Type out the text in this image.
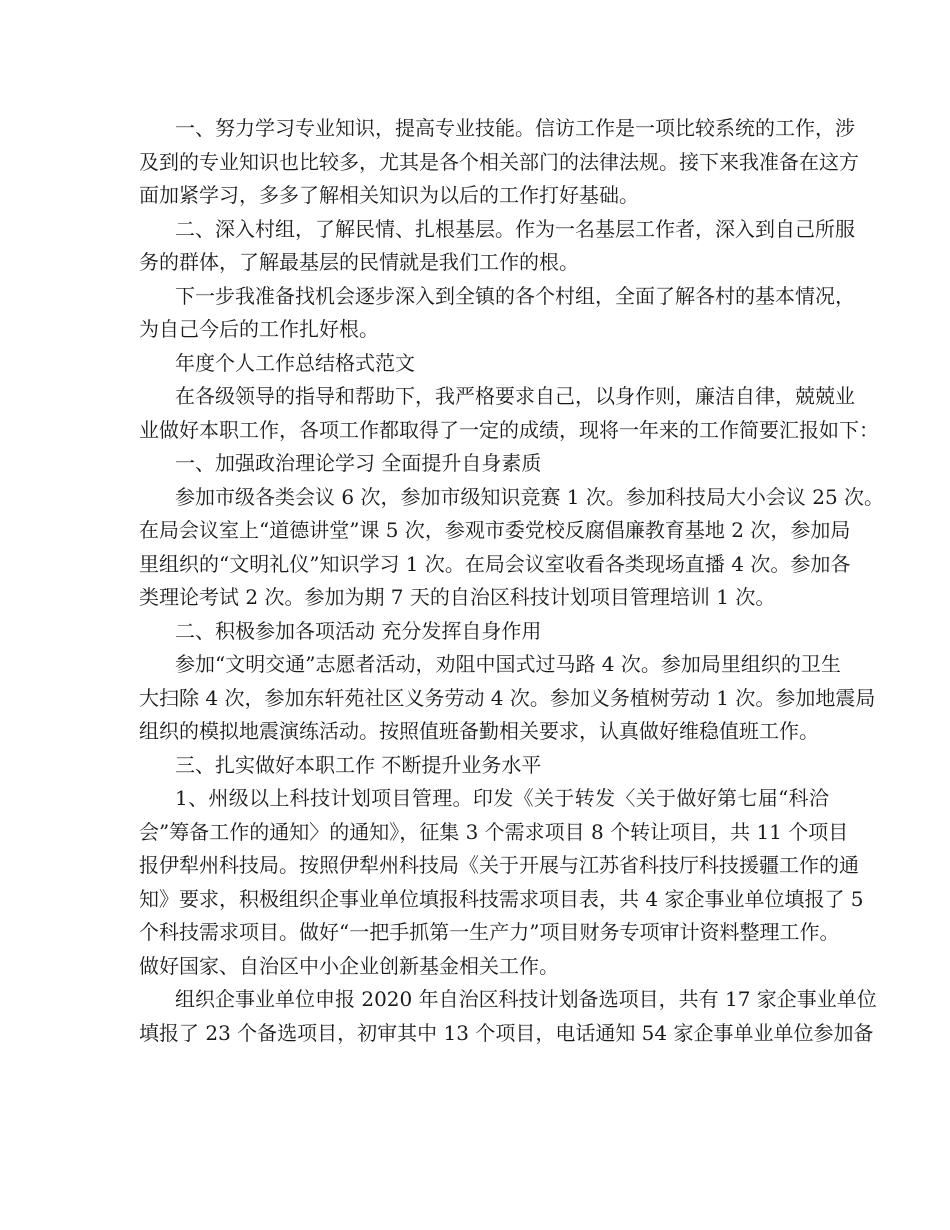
一、努力学习专业知识，提高专业技能。信访工作是一项比较系统的工作，涉
及到的专业知识也比较多，尤其是各个相关部门的法律法规。接下来我准备在这方
面加紧学习，多多了解相关知识为以后的工作打好基础。
二、深入村组，了解民情、扎根基层。作为一名基层工作者，深入到自己所服
务的群体，了解最基层的民情就是我们工作的根。
下一步我准备找机会逐步深入到全镇的各个村组，全面了解各村的基本情况，
为自己今后的工作扎好根。
年度个人工作总结格式范文
在各级领导的指导和帮助下，我严格要求自己，以身作则，廉洁自律，兢兢业
业做好本职工作，各项工作都取得了一定的成绩，现将一年来的工作简要汇报如下：
一、加强政治理论学习 全面提升自身素质
参加市级各类会议 6 次，参加市级知识竞赛 1 次。参加科技局大小会议 25 次。
在局会议室上“道德讲堂”课 5 次，参观市委党校反腐倡廉教育基地 2 次，参加局
里组织的“文明礼仪”知识学习 1 次。在局会议室收看各类现场直播 4 次。参加各
类理论考试 2 次。参加为期 7 天的自治区科技计划项目管理培训 1 次。
二、积极参加各项活动 充分发挥自身作用
参加“文明交通”志愿者活动，劝阻中国式过马路 4 次。参加局里组织的卫生
大扫除 4 次，参加东轩苑社区义务劳动 4 次。参加义务植树劳动 1 次。参加地震局
组织的模拟地震演练活动。按照值班备勤相关要求，认真做好维稳值班工作。
三、扎实做好本职工作 不断提升业务水平
1、州级以上科技计划项目管理。印发《关于转发〈关于做好第七届“科洽
会”筹备工作的通知〉的通知》，征集 3 个需求项目 8 个转让项目，共 11 个项目
报伊犁州科技局。按照伊犁州科技局《关于开展与江苏省科技厅科技援疆工作的通
知》要求，积极组织企事业单位填报科技需求项目表，共 4 家企事业单位填报了 5
个科技需求项目。做好“一把手抓第一生产力”项目财务专项审计资料整理工作。
做好国家、自治区中小企业创新基金相关工作。
组织企事业单位申报 2020 年自治区科技计划备选项目，共有 17 家企事业单位
填报了 23 个备选项目，初审其中 13 个项目，电话通知 54 家企事单业单位参加备
